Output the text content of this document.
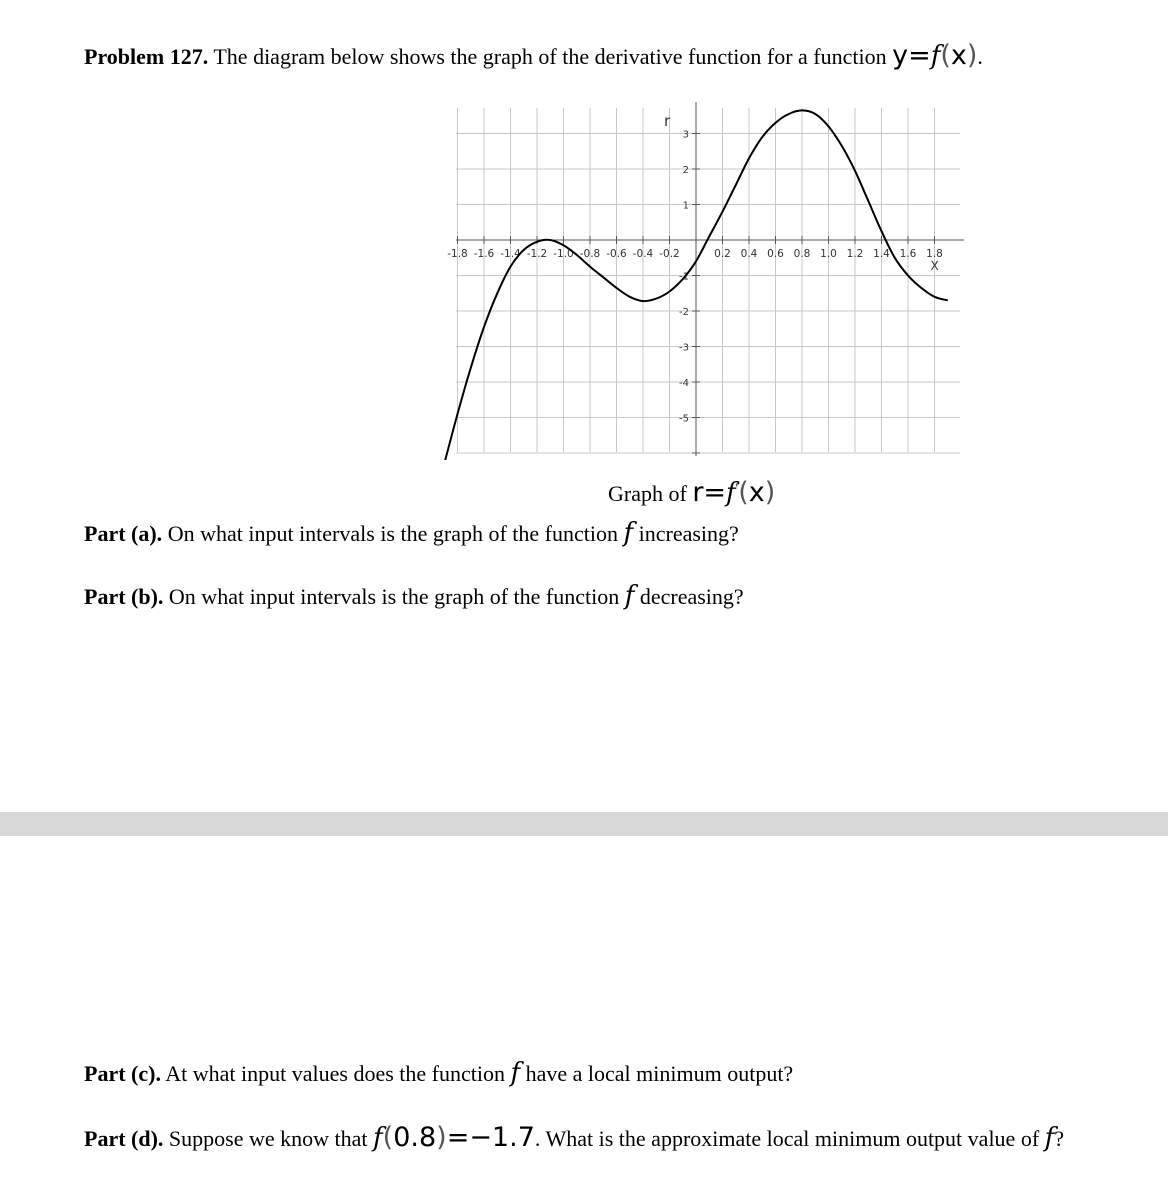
Problem 127. The diagram below shows the graph of the derivative function for a function y=f(x).
-1.8 -1.6 -1.4 -1.2 -1.0 -0.8 -0.6 -0.4 -0.2	0.2 0.4 0.6 0.8 1.0 1.2 1.4 1.6 1.8
3
2
1
-1
-2
-3
-4
-5
X
r
Graph of r=f'(x)
Part (a). On what input intervals is the graph of the function f increasing?
Part (b). On what input intervals is the graph of the function f decreasing?
Part (c). At what input values does the function f have a local minimum output?
Part (d). Suppose we know that f(0.8)=−1.7. What is the approximate local minimum output value of f?
